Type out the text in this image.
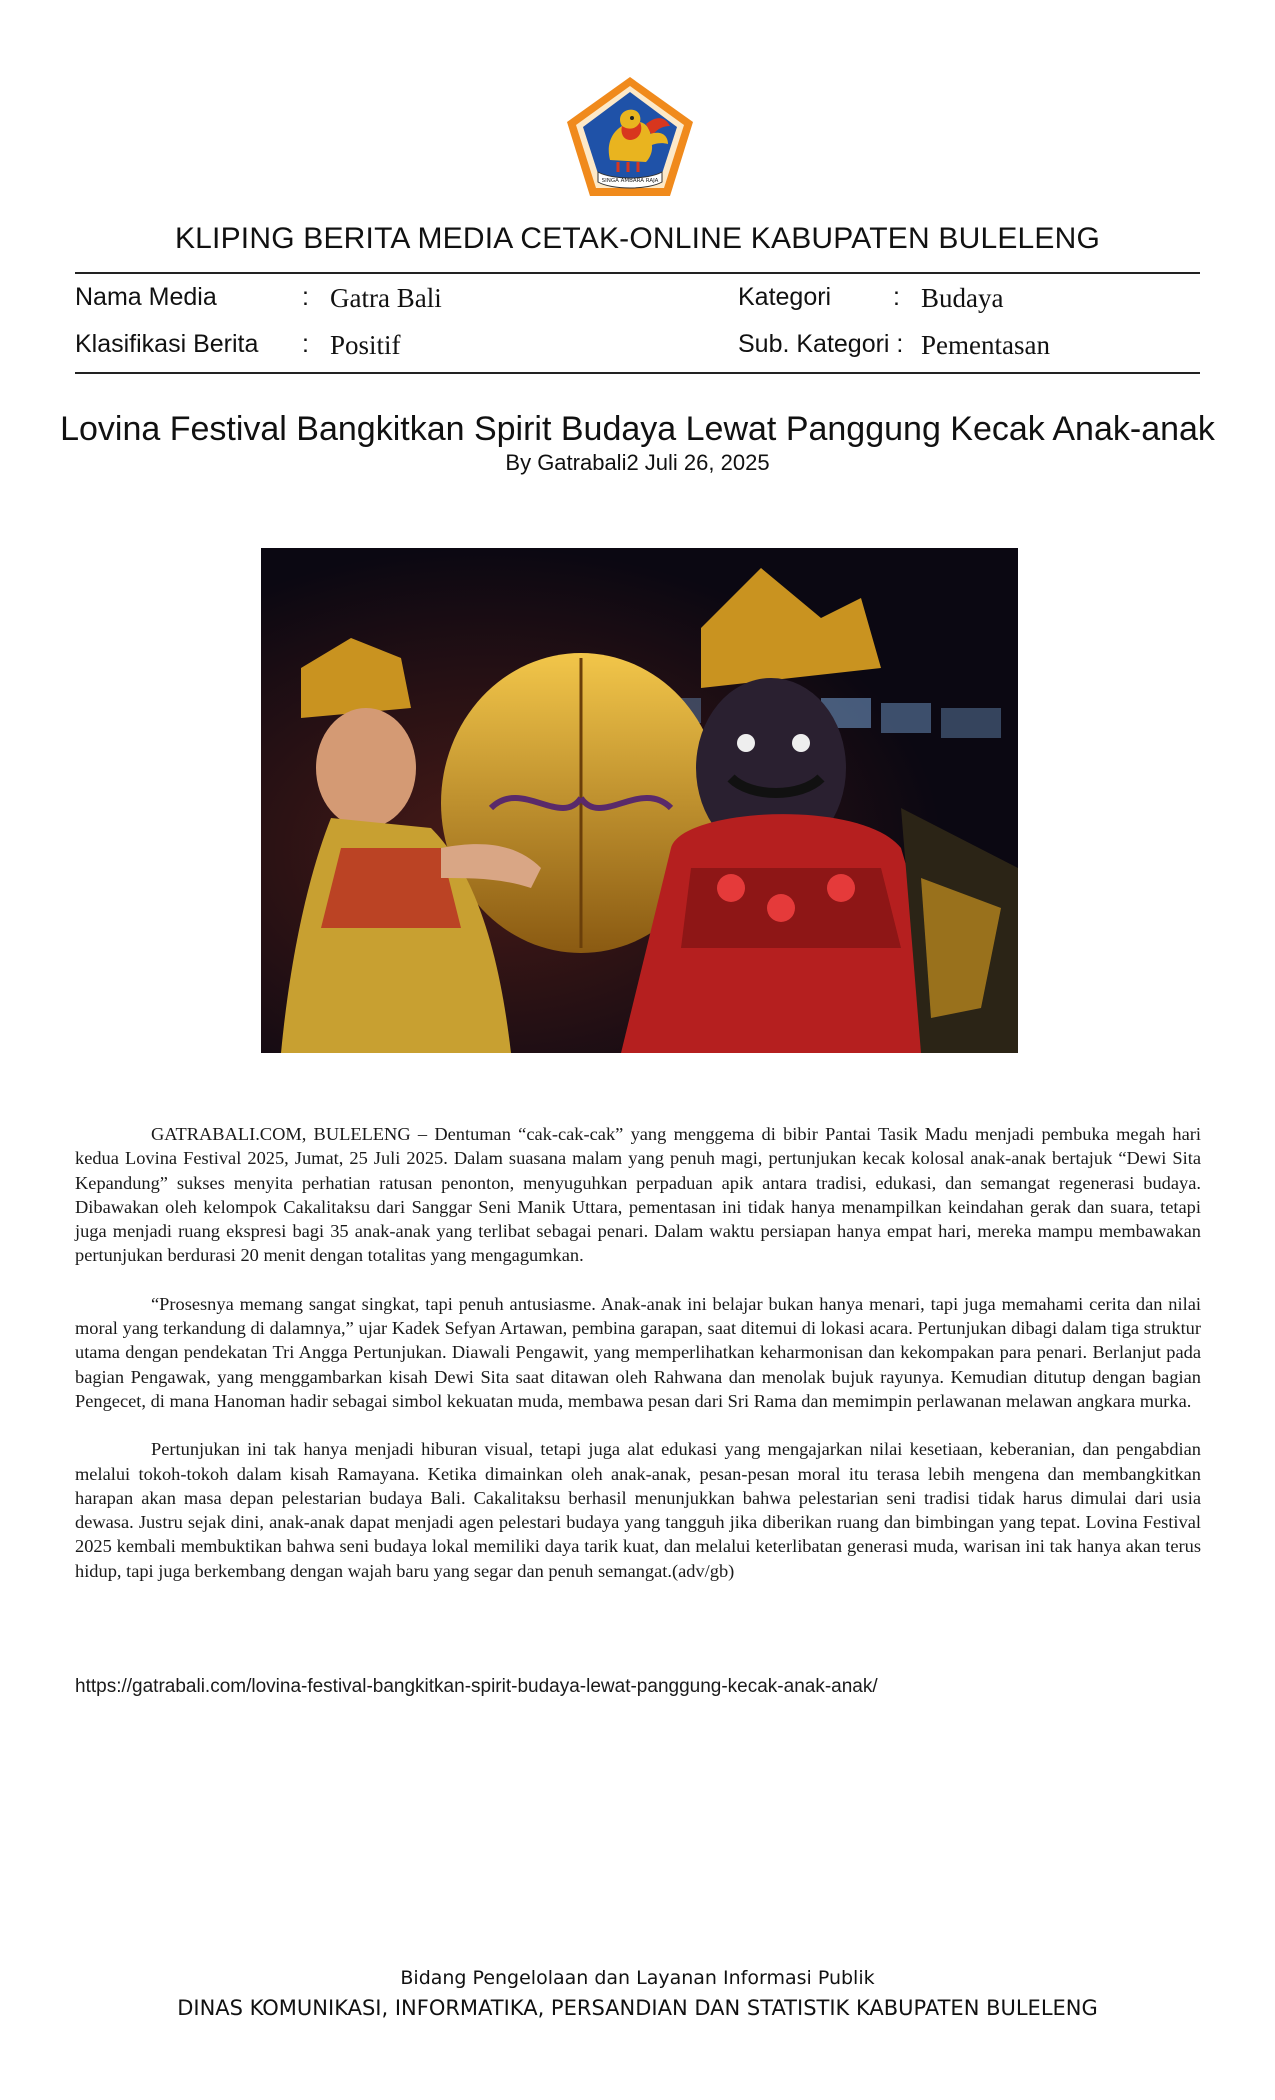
SINGA AMBARA RAJA
KLIPING BERITA MEDIA CETAK-ONLINE KABUPATEN BULELENG
Nama Media	: Gatra Bali
Klasifikasi Berita : Positif
Kategori : Budaya
Sub. Kategori : Pementasan
Lovina Festival Bangkitkan Spirit Budaya Lewat Panggung Kecak Anak-anak
By Gatrabali2 Juli 26, 2025

GATRABALI.COM, BULELENG – Dentuman “cak-cak-cak” yang menggema di bibir Pantai Tasik Madu menjadi pembuka megah hari kedua Lovina Festival 2025, Jumat, 25 Juli 2025. Dalam suasana malam yang penuh magi, pertunjukan kecak kolosal anak-anak bertajuk “Dewi Sita Kepandung” sukses menyita perhatian ratusan penonton, menyuguhkan perpaduan apik antara tradisi, edukasi, dan semangat regenerasi budaya. Dibawakan oleh kelompok Cakalitaksu dari Sanggar Seni Manik Uttara, pementasan ini tidak hanya menampilkan keindahan gerak dan suara, tetapi juga menjadi ruang ekspresi bagi 35 anak-anak yang terlibat sebagai penari. Dalam waktu persiapan hanya empat hari, mereka mampu membawakan pertunjukan berdurasi 20 menit dengan totalitas yang mengagumkan.

“Prosesnya memang sangat singkat, tapi penuh antusiasme. Anak-anak ini belajar bukan hanya menari, tapi juga memahami cerita dan nilai moral yang terkandung di dalamnya,” ujar Kadek Sefyan Artawan, pembina garapan, saat ditemui di lokasi acara. Pertunjukan dibagi dalam tiga struktur utama dengan pendekatan Tri Angga Pertunjukan. Diawali Pengawit, yang memperlihatkan keharmonisan dan kekompakan para penari. Berlanjut pada bagian Pengawak, yang menggambarkan kisah Dewi Sita saat ditawan oleh Rahwana dan menolak bujuk rayunya. Kemudian ditutup dengan bagian Pengecet, di mana Hanoman hadir sebagai simbol kekuatan muda, membawa pesan dari Sri Rama dan memimpin perlawanan melawan angkara murka.

Pertunjukan ini tak hanya menjadi hiburan visual, tetapi juga alat edukasi yang mengajarkan nilai kesetiaan, keberanian, dan pengabdian melalui tokoh-tokoh dalam kisah Ramayana. Ketika dimainkan oleh anak-anak, pesan-pesan moral itu terasa lebih mengena dan membangkitkan harapan akan masa depan pelestarian budaya Bali. Cakalitaksu berhasil menunjukkan bahwa pelestarian seni tradisi tidak harus dimulai dari usia dewasa. Justru sejak dini, anak-anak dapat menjadi agen pelestari budaya yang tangguh jika diberikan ruang dan bimbingan yang tepat. Lovina Festival 2025 kembali membuktikan bahwa seni budaya lokal memiliki daya tarik kuat, dan melalui keterlibatan generasi muda, warisan ini tak hanya akan terus hidup, tapi juga berkembang dengan wajah baru yang segar dan penuh semangat.(adv/gb)

https://gatrabali.com/lovina-festival-bangkitkan-spirit-budaya-lewat-panggung-kecak-anak-anak/
Bidang Pengelolaan dan Layanan Informasi Publik
DINAS KOMUNIKASI, INFORMATIKA, PERSANDIAN DAN STATISTIK KABUPATEN BULELENG
